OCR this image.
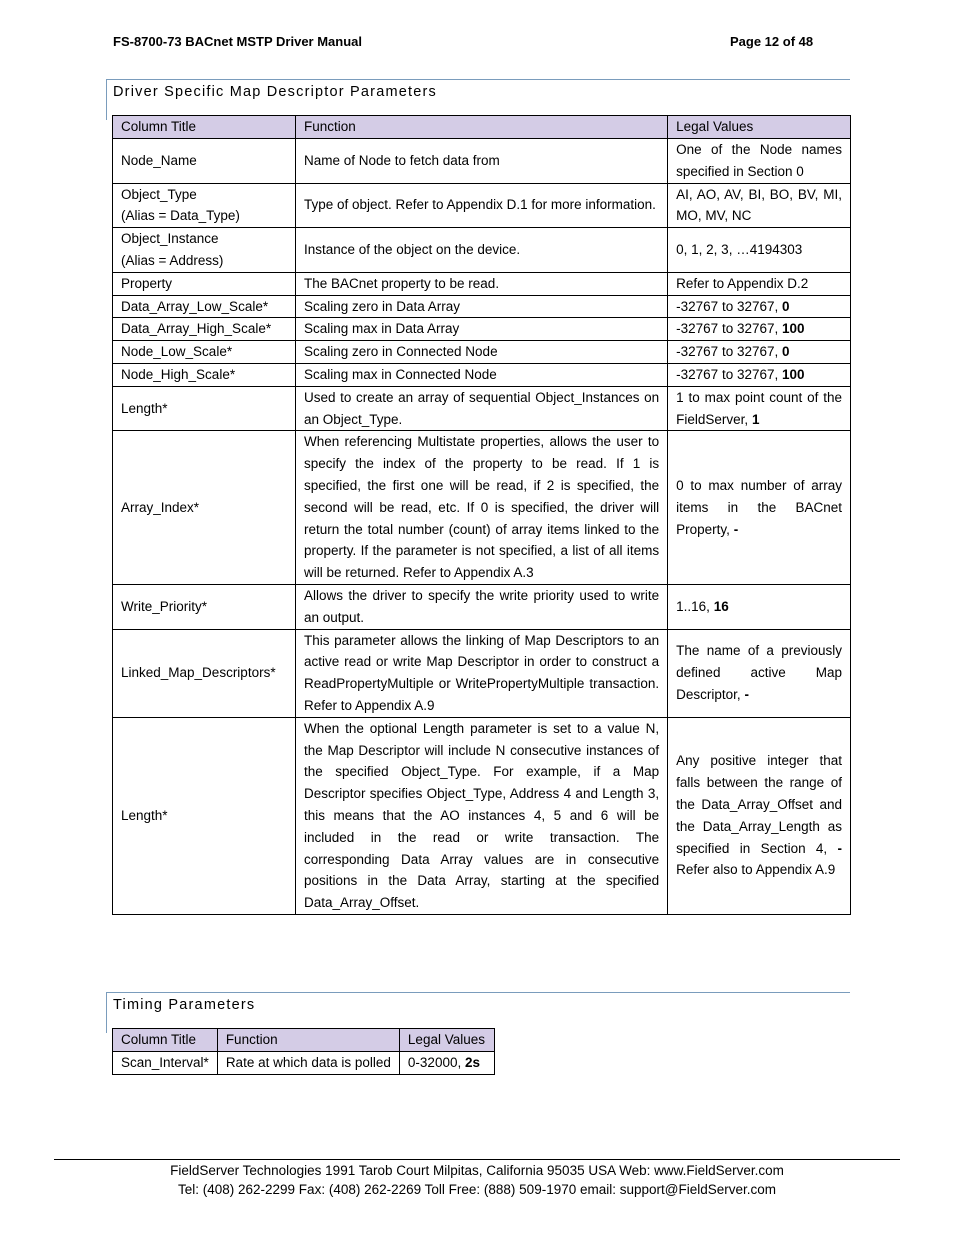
FS-8700-73 BACnet MSTP Driver Manual	Page 12 of 48
Driver Specific Map Descriptor Parameters
Column Title	Function	Legal Values

Node_Name	Name of Node to fetch data from	One of the Node names specified in Section 0

Object_Type
(Alias = Data_Type)	Type of object. Refer to Appendix D.1 for more information.	AI, AO, AV, BI, BO, BV, MI, MO, MV, NC

Object_Instance
(Alias = Address)	Instance of the object on the device.	0, 1, 2, 3, …4194303

Property	The BACnet property to be read.	Refer to Appendix D.2

Data_Array_Low_Scale*	Scaling zero in Data Array	-32767 to 32767, 0

Data_Array_High_Scale*	Scaling max in Data Array	-32767 to 32767, 100

Node_Low_Scale*	Scaling zero in Connected Node	-32767 to 32767, 0

Node_High_Scale*	Scaling max in Connected Node	-32767 to 32767, 100

Length*	Used to create an array of sequential Object_Instances on an Object_Type.	1 to max point count of the FieldServer, 1

Array_Index*	When referencing Multistate properties, allows the user to specify the index of the property to be read. If 1 is specified, the first one will be read, if 2 is specified, the second will be read, etc. If 0 is specified, the driver will return the total number (count) of array items linked to the property. If the parameter is not specified, a list of all items will be returned. Refer to Appendix A.3	0 to max number of array items in the BACnet Property, -

Write_Priority*	Allows the driver to specify the write priority used to write an output.	1..16, 16

Linked_Map_Descriptors*	This parameter allows the linking of Map Descriptors to an active read or write Map Descriptor in order to construct a ReadPropertyMultiple or WritePropertyMultiple transaction. Refer to Appendix A.9	The name of a previously defined active Map Descriptor, -

Length*	When the optional Length parameter is set to a value N, the Map Descriptor will include N consecutive instances of the specified Object_Type. For example, if a Map Descriptor specifies Object_Type, Address 4 and Length 3, this means that the AO instances 4, 5 and 6 will be included in the read or write transaction. The corresponding Data Array values are in consecutive positions in the Data Array, starting at the specified Data_Array_Offset.	Any positive integer that falls between the range of the Data_Array_Offset and the Data_Array_Length as specified in Section 4, - Refer also to Appendix A.9
Timing Parameters
Column Title	Function	Legal Values
Scan_Interval*	Rate at which data is polled	0-32000, 2s
FieldServer Technologies 1991 Tarob Court Milpitas, California 95035 USA Web: www.FieldServer.com
Tel: (408) 262-2299 Fax: (408) 262-2269 Toll Free: (888) 509-1970 email: support@FieldServer.com
